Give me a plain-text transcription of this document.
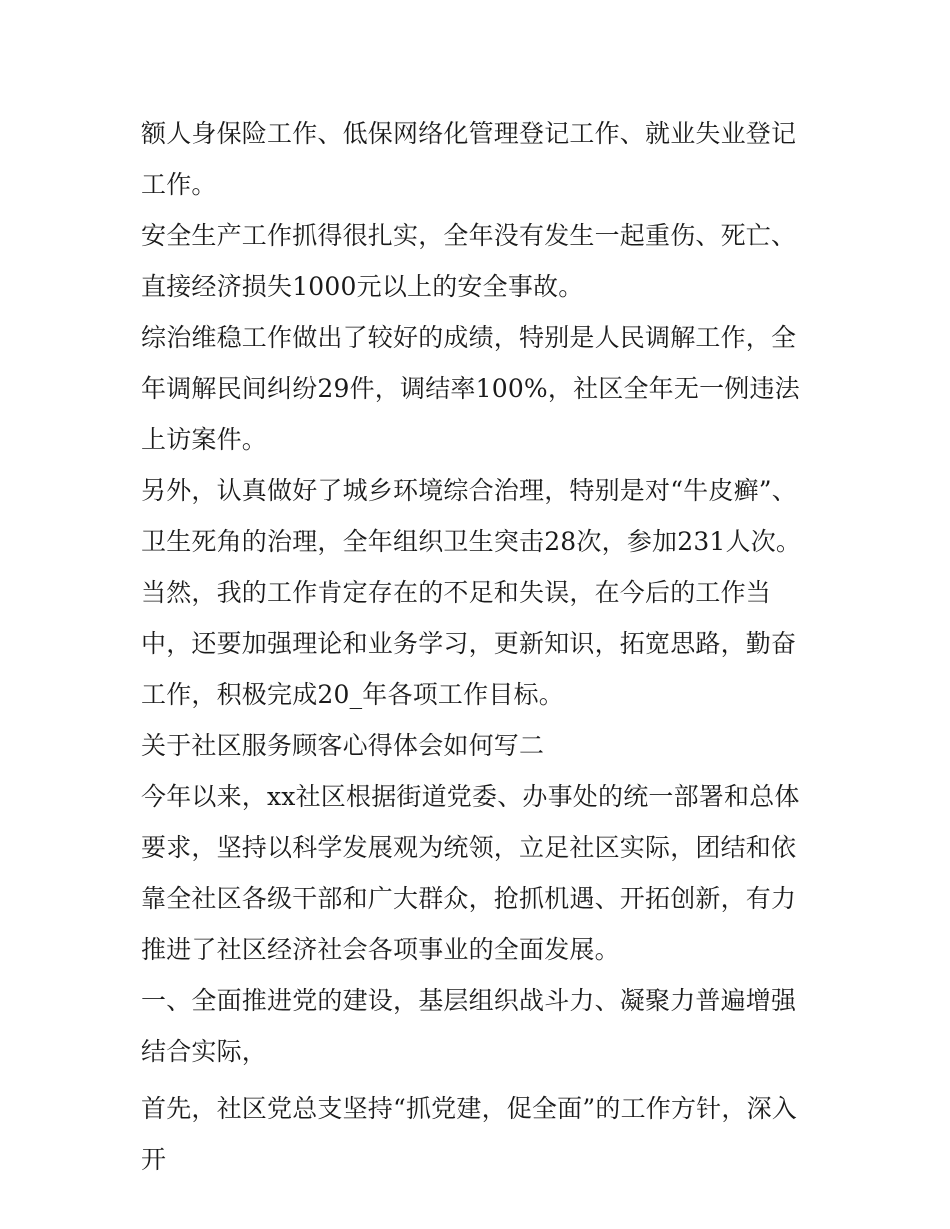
额人身保险工作、低保网络化管理登记工作、就业失业登记工作。

安全生产工作抓得很扎实，全年没有发生一起重伤、死亡、直接经济损失1000元以上的安全事故。

综治维稳工作做出了较好的成绩，特别是人民调解工作，全年调解民间纠纷29件，调结率100%，社区全年无一例违法上访案件。

另外，认真做好了城乡环境综合治理，特别是对“牛皮癣”、卫生死角的治理，全年组织卫生突击28次，参加231人次。

当然，我的工作肯定存在的不足和失误，在今后的工作当中，还要加强理论和业务学习，更新知识，拓宽思路，勤奋工作，积极完成20_年各项工作目标。

关于社区服务顾客心得体会如何写二

今年以来，xx社区根据街道党委、办事处的统一部署和总体要求，坚持以科学发展观为统领，立足社区实际，团结和依靠全社区各级干部和广大群众，抢抓机遇、开拓创新，有力推进了社区经济社会各项事业的全面发展。

一、全面推进党的建设，基层组织战斗力、凝聚力普遍增强结合实际，

首先，社区党总支坚持“抓党建，促全面”的工作方针，深入开
